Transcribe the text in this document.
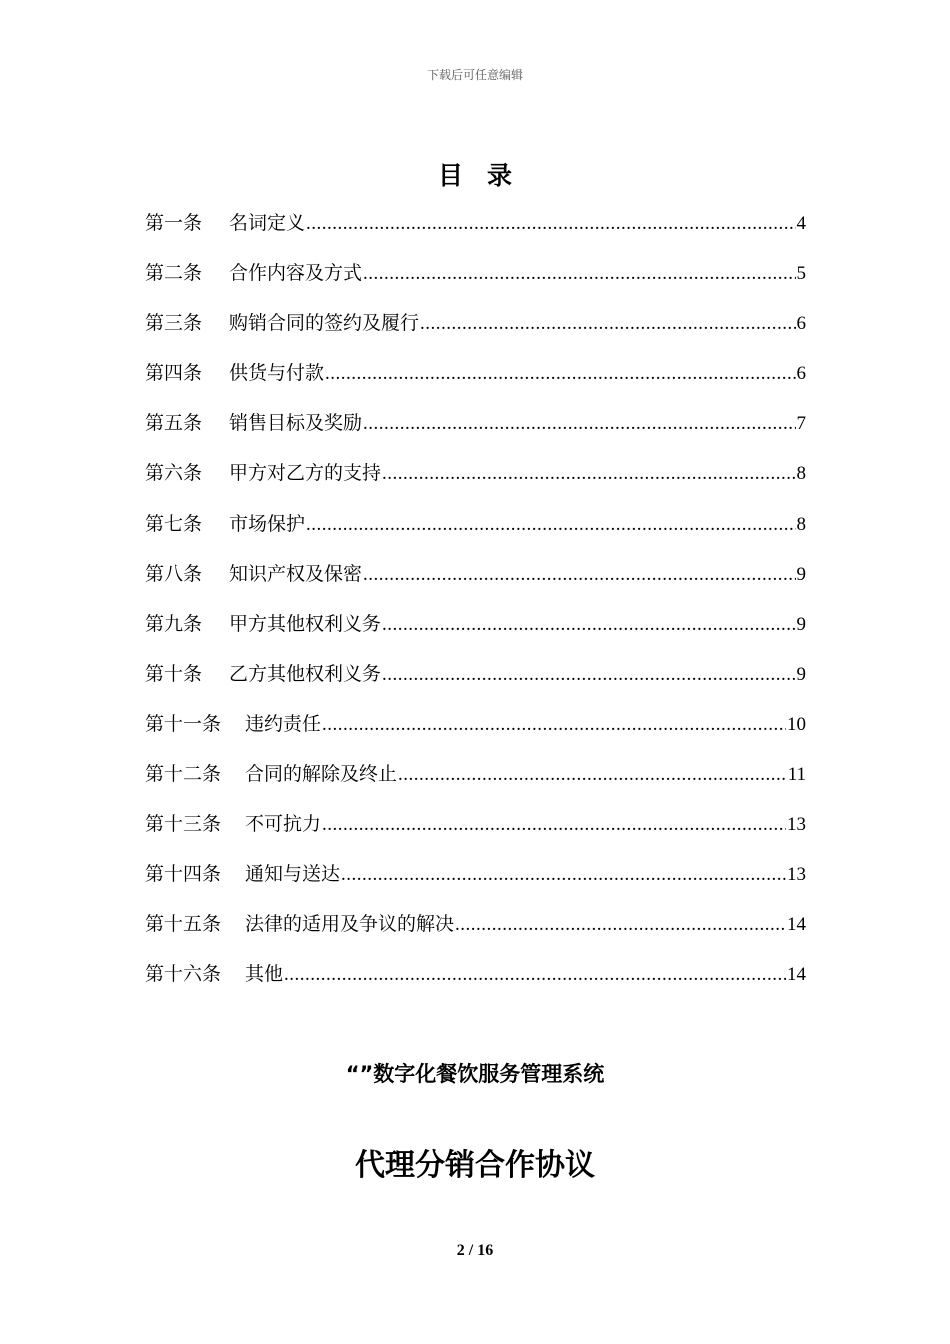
下载后可任意编辑
目录
第一条	名词定义 .....	4
第二条	合作内容及方式 .....	5
第三条	购销合同的签约及履行 .....	6
第四条	供货与付款 .....	6
第五条	销售目标及奖励 .....	7
第六条	甲方对乙方的支持 .....	8
第七条	市场保护 .....	8
第八条	知识产权及保密 .....	9
第九条	甲方其他权利义务 .....	9
第十条	乙方其他权利义务 .....	9
第十一条	违约责任 .....	10
第十二条	合同的解除及终止 .....	11
第十三条	不可抗力 .....	13
第十四条	通知与送达 .....	13
第十五条	法律的适用及争议的解决 .....	14
第十六条	其他 .....	14
“”数字化餐饮服务管理系统
代理分销合作协议
2 / 16
